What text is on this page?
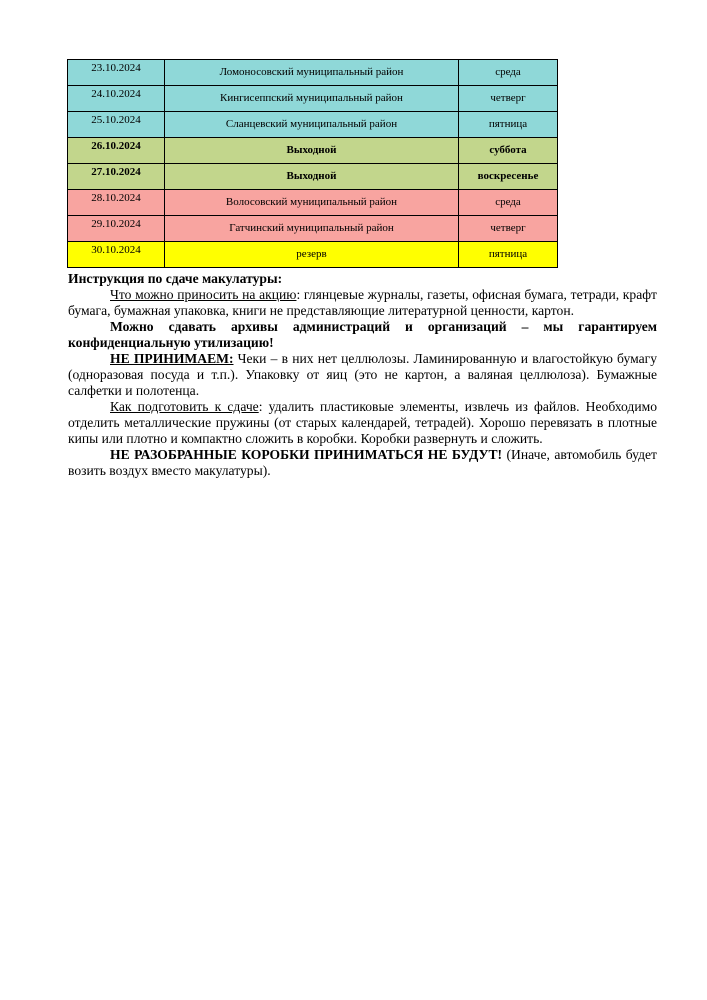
23.10.2024	Ломоносовский муниципальный район	среда
24.10.2024	Кингисеппский муниципальный район	четверг
25.10.2024	Сланцевский муниципальный район	пятница
26.10.2024	Выходной	суббота
27.10.2024	Выходной	воскресенье
28.10.2024	Волосовский муниципальный район	среда
29.10.2024	Гатчинский муниципальный район	четверг
30.10.2024	резерв	пятница

Инструкция по сдаче макулатуры:

Что можно приносить на акцию: глянцевые журналы, газеты, офисная бумага, тетради, крафт бумага, бумажная упаковка, книги не представляющие литературной ценности, картон.

Можно сдавать архивы администраций и организаций – мы гарантируем конфиденциальную утилизацию!

НЕ ПРИНИМАЕМ: Чеки – в них нет целлюлозы. Ламинированную и влагостойкую бумагу (одноразовая посуда и т.п.). Упаковку от яиц (это не картон, а валяная целлюлоза). Бумажные салфетки и полотенца.

Как подготовить к сдаче: удалить пластиковые элементы, извлечь из файлов. Необходимо отделить металлические пружины (от старых календарей, тетрадей). Хорошо перевязать в плотные кипы или плотно и компактно сложить в коробки. Коробки развернуть и сложить.

НЕ РАЗОБРАННЫЕ КОРОБКИ ПРИНИМАТЬСЯ НЕ БУДУТ! (Иначе, автомобиль будет возить воздух вместо макулатуры).
